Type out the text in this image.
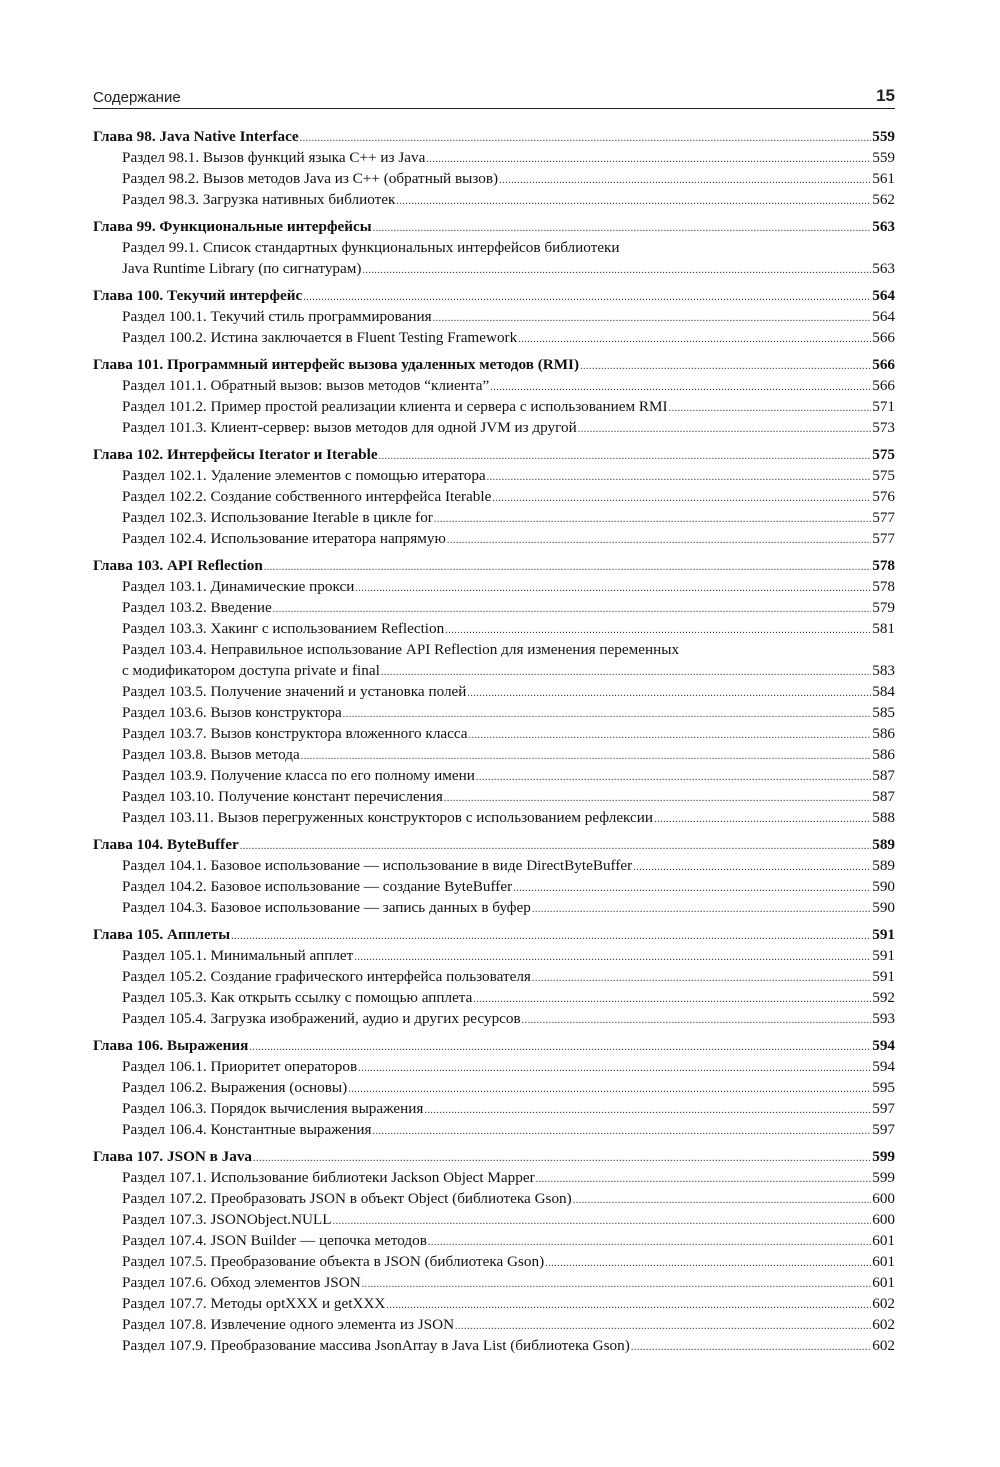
Содержание	15
Глава 98. Java Native Interface .....	559
Раздел 98.1. Вызов функций языка C++ из Java .....	559
Раздел 98.2. Вызов методов Java из C++ (обратный вызов) .....	561
Раздел 98.3. Загрузка нативных библиотек .....	562
Глава 99. Функциональные интерфейсы .....	563
Раздел 99.1. Список стандартных функциональных интерфейсов библиотеки
Java Runtime Library (по сигнатурам) .....	563
Глава 100. Текучий интерфейс .....	564
Раздел 100.1. Текучий стиль программирования .....	564
Раздел 100.2. Истина заключается в Fluent Testing Framework .....	566
Глава 101. Программный интерфейс вызова удаленных методов (RMI) .....	566
Раздел 101.1. Обратный вызов: вызов методов “клиента” .....	566
Раздел 101.2. Пример простой реализации клиента и сервера с использованием RMI .....	571
Раздел 101.3. Клиент-сервер: вызов методов для одной JVM из другой .....	573
Глава 102. Интерфейсы Iterator и Iterable .....	575
Раздел 102.1. Удаление элементов с помощью итератора .....	575
Раздел 102.2. Создание собственного интерфейса Iterable .....	576
Раздел 102.3. Использование Iterable в цикле for .....	577
Раздел 102.4. Использование итератора напрямую .....	577
Глава 103. API Reflection .....	578
Раздел 103.1. Динамические прокси .....	578
Раздел 103.2. Введение .....	579
Раздел 103.3. Хакинг с использованием Reflection .....	581
Раздел 103.4. Неправильное использование API Reflection для изменения переменных
с модификатором доступа private и final .....	583
Раздел 103.5. Получение значений и установка полей .....	584
Раздел 103.6. Вызов конструктора .....	585
Раздел 103.7. Вызов конструктора вложенного класса .....	586
Раздел 103.8. Вызов метода .....	586
Раздел 103.9. Получение класса по его полному имени .....	587
Раздел 103.10. Получение констант перечисления .....	587
Раздел 103.11. Вызов перегруженных конструкторов с использованием рефлексии .....	588
Глава 104. ByteBuffer .....	589
Раздел 104.1. Базовое использование — использование в виде DirectByteBuffer .....	589
Раздел 104.2. Базовое использование — создание ByteBuffer .....	590
Раздел 104.3. Базовое использование — запись данных в буфер .....	590
Глава 105. Апплеты .....	591
Раздел 105.1. Минимальный апплет .....	591
Раздел 105.2. Создание графического интерфейса пользователя .....	591
Раздел 105.3. Как открыть ссылку с помощью апплета .....	592
Раздел 105.4. Загрузка изображений, аудио и других ресурсов .....	593
Глава 106. Выражения .....	594
Раздел 106.1. Приоритет операторов .....	594
Раздел 106.2. Выражения (основы) .....	595
Раздел 106.3. Порядок вычисления выражения .....	597
Раздел 106.4. Константные выражения .....	597
Глава 107. JSON в Java .....	599
Раздел 107.1. Использование библиотеки Jackson Object Mapper .....	599
Раздел 107.2. Преобразовать JSON в объект Object (библиотека Gson) .....	600
Раздел 107.3. JSONObject.NULL .....	600
Раздел 107.4. JSON Builder — цепочка методов .....	601
Раздел 107.5. Преобразование объекта в JSON (библиотека Gson) .....	601
Раздел 107.6. Обход элементов JSON .....	601
Раздел 107.7. Методы optXXX и getXXX .....	602
Раздел 107.8. Извлечение одного элемента из JSON .....	602
Раздел 107.9. Преобразование массива JsonArray в Java List (библиотека Gson) .....	602
